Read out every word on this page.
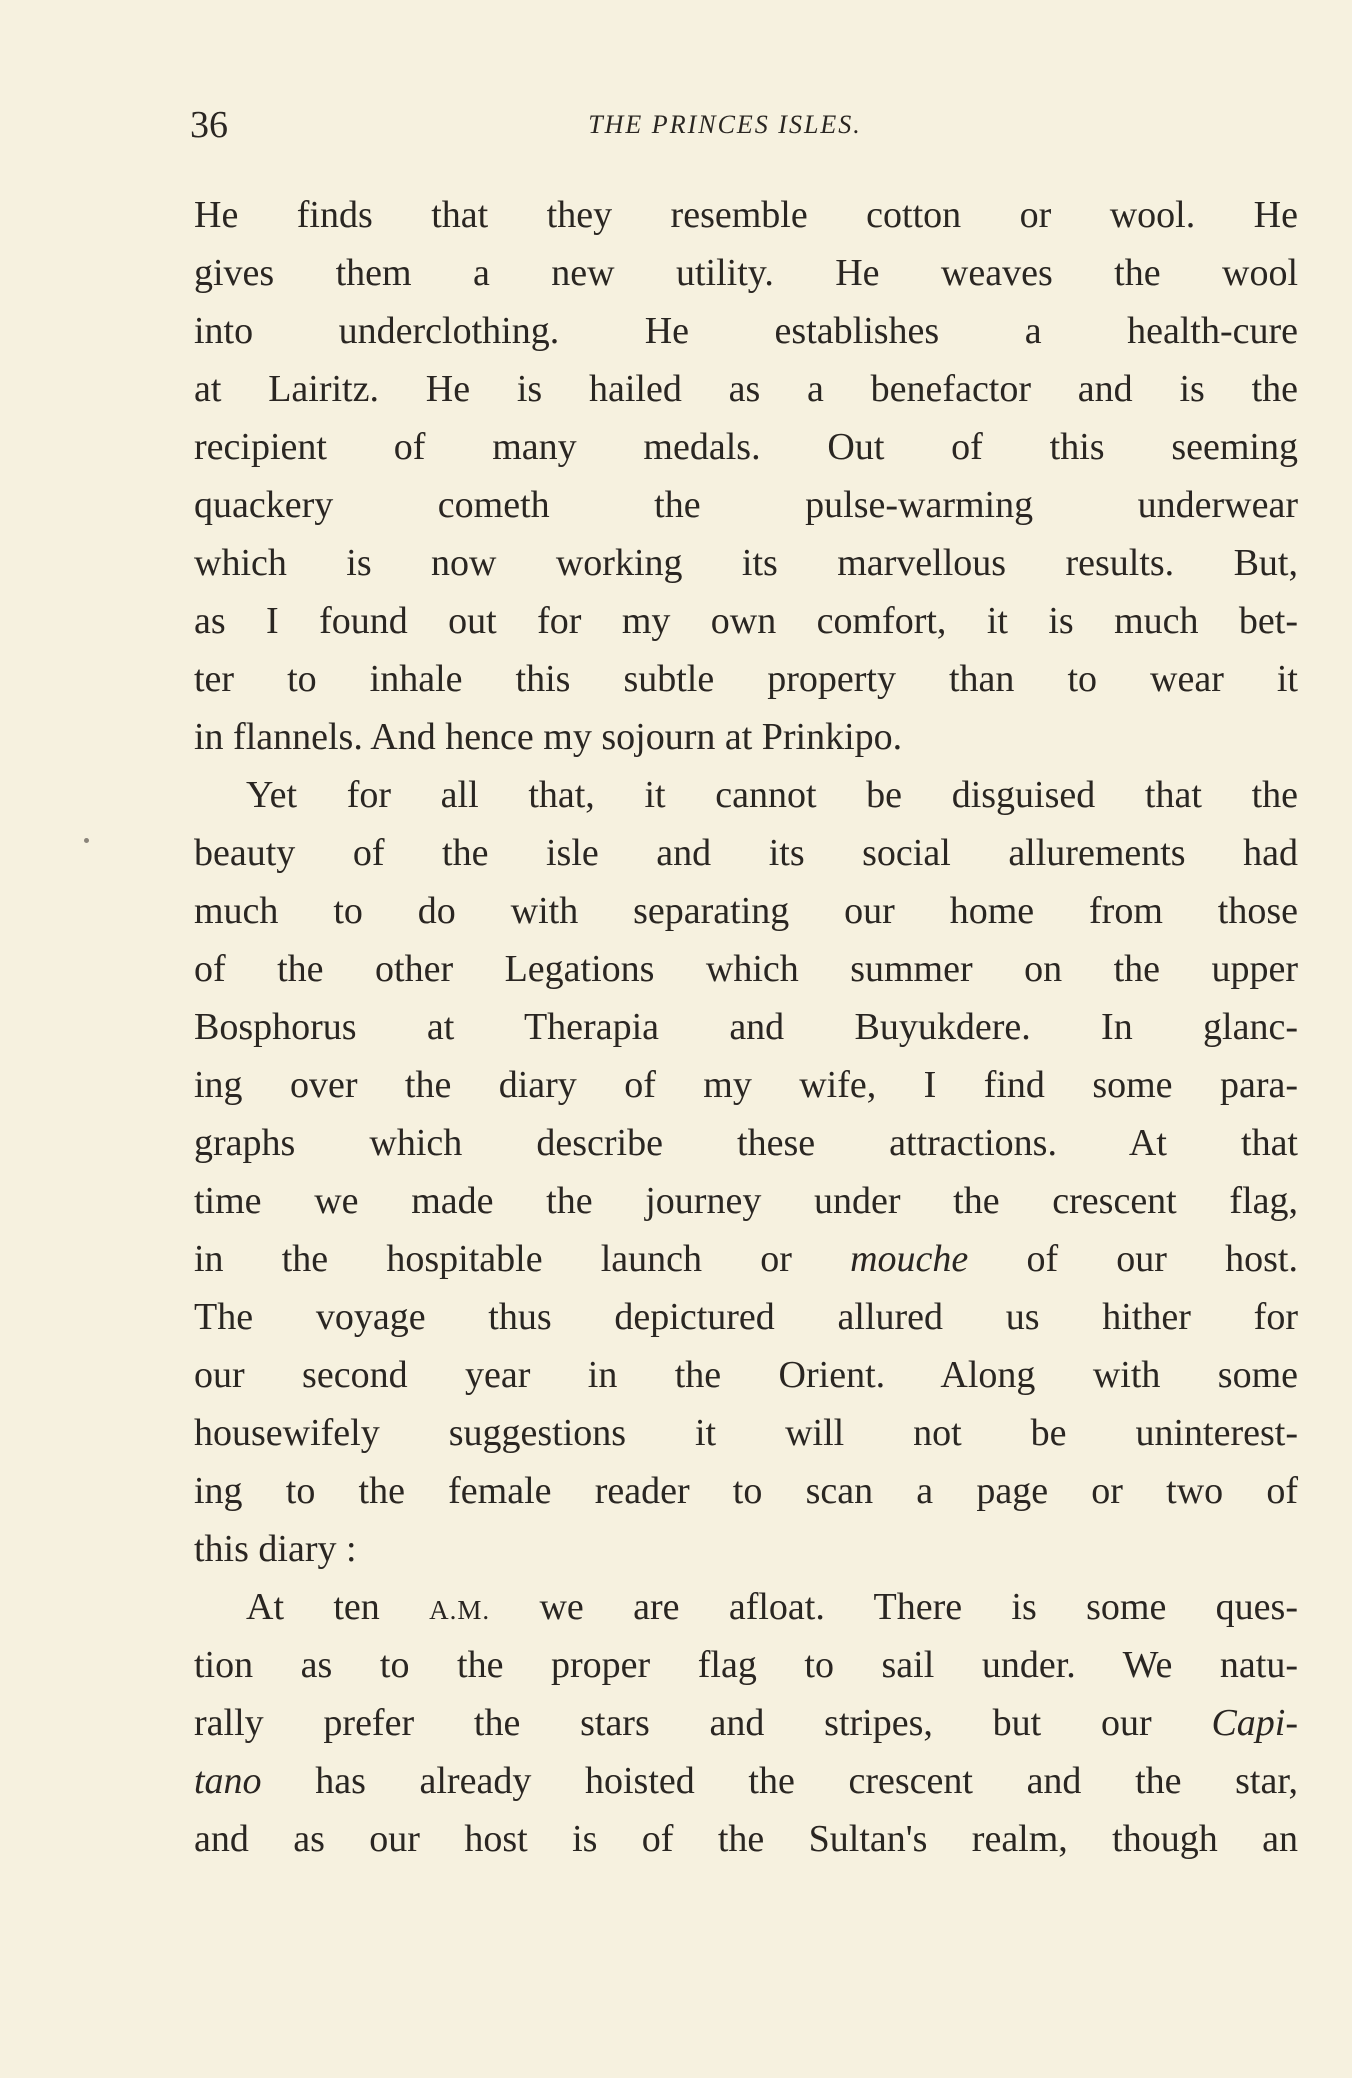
36	THE PRINCES ISLES.
He finds that they resemble cotton or wool. He
gives them a new utility. He weaves the wool
into underclothing. He establishes a health-cure
at Lairitz. He is hailed as a benefactor and is the
recipient of many medals. Out of this seeming
quackery cometh the pulse-warming underwear
which is now working its marvellous results. But,
as I found out for my own comfort, it is much bet-
ter to inhale this subtle property than to wear it
in flannels. And hence my sojourn at Prinkipo.
Yet for all that, it cannot be disguised that the
beauty of the isle and its social allurements had
much to do with separating our home from those
of the other Legations which summer on the upper
Bosphorus at Therapia and Buyukdere. In glanc-
ing over the diary of my wife, I find some para-
graphs which describe these attractions. At that
time we made the journey under the crescent flag,
in the hospitable launch or mouche of our host.
The voyage thus depictured allured us hither for
our second year in the Orient. Along with some
housewifely suggestions it will not be uninterest-
ing to the female reader to scan a page or two of
this diary :
At ten A.M. we are afloat. There is some ques-
tion as to the proper flag to sail under. We natu-
rally prefer the stars and stripes, but our Capi-
tano has already hoisted the crescent and the star,
and as our host is of the Sultan's realm, though an
